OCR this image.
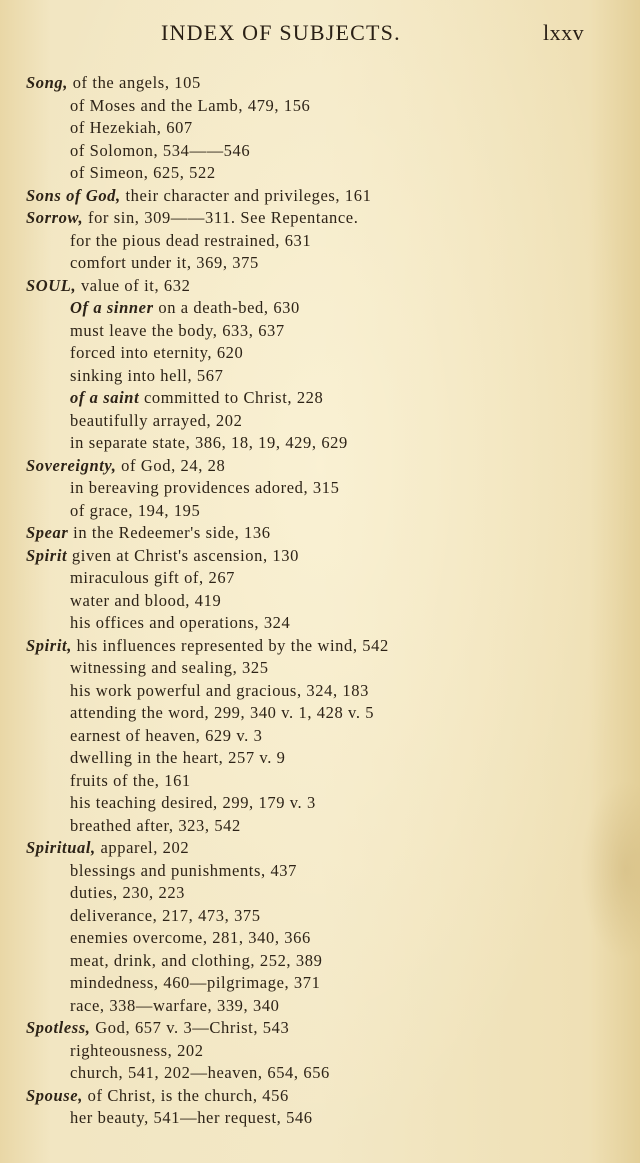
INDEX OF SUBJECTS.	lxxv
Song, of the angels, 105
of Moses and the Lamb, 479, 156
of Hezekiah, 607
of Solomon, 534——546
of Simeon, 625, 522
Sons of God, their character and privileges, 161
Sorrow, for sin, 309——311. See Repentance.
for the pious dead restrained, 631
comfort under it, 369, 375
SOUL, value of it, 632
Of a sinner on a death-bed, 630
must leave the body, 633, 637
forced into eternity, 620
sinking into hell, 567
of a saint committed to Christ, 228
beautifully arrayed, 202
in separate state, 386, 18, 19, 429, 629
Sovereignty, of God, 24, 28
in bereaving providences adored, 315
of grace, 194, 195
Spear in the Redeemer's side, 136
Spirit given at Christ's ascension, 130
miraculous gift of, 267
water and blood, 419
his offices and operations, 324
Spirit, his influences represented by the wind, 542
witnessing and sealing, 325
his work powerful and gracious, 324, 183
attending the word, 299, 340 v. 1, 428 v. 5
earnest of heaven, 629 v. 3
dwelling in the heart, 257 v. 9
fruits of the, 161
his teaching desired, 299, 179 v. 3
breathed after, 323, 542
Spiritual, apparel, 202
blessings and punishments, 437
duties, 230, 223
deliverance, 217, 473, 375
enemies overcome, 281, 340, 366
meat, drink, and clothing, 252, 389
mindedness, 460—pilgrimage, 371
race, 338—warfare, 339, 340
Spotless, God, 657 v. 3—Christ, 543
righteousness, 202
church, 541, 202—heaven, 654, 656
Spouse, of Christ, is the church, 456
her beauty, 541—her request, 546
